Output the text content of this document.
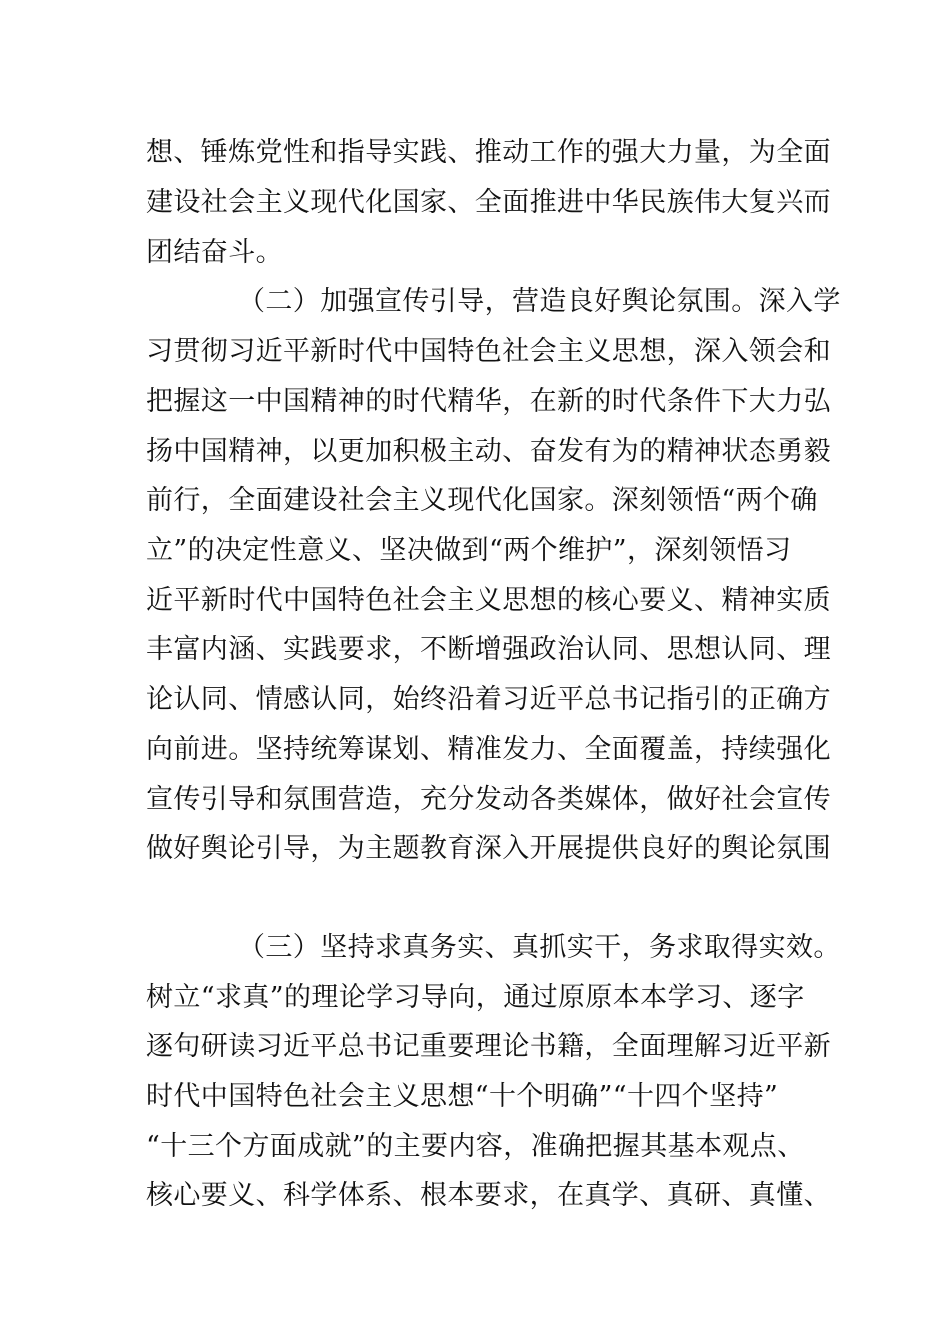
想、锤炼党性和指导实践、推动工作的强大力量，为全面
建设社会主义现代化国家、全面推进中华民族伟大复兴而
团结奋斗。
（二）加强宣传引导，营造良好舆论氛围。深入学
习贯彻习近平新时代中国特色社会主义思想，深入领会和
把握这一中国精神的时代精华，在新的时代条件下大力弘
扬中国精神，以更加积极主动、奋发有为的精神状态勇毅
前行，全面建设社会主义现代化国家。深刻领悟“两个确
立”的决定性意义、坚决做到“两个维护”，深刻领悟习
近平新时代中国特色社会主义思想的核心要义、精神实质
丰富内涵、实践要求，不断增强政治认同、思想认同、理
论认同、情感认同，始终沿着习近平总书记指引的正确方
向前进。坚持统筹谋划、精准发力、全面覆盖，持续强化
宣传引导和氛围营造，充分发动各类媒体，做好社会宣传
做好舆论引导，为主题教育深入开展提供良好的舆论氛围
（三）坚持求真务实、真抓实干，务求取得实效。
树立“求真”的理论学习导向，通过原原本本学习、逐字
逐句研读习近平总书记重要理论书籍，全面理解习近平新
时代中国特色社会主义思想“十个明确”“十四个坚持”
“十三个方面成就”的主要内容，准确把握其基本观点、
核心要义、科学体系、根本要求，在真学、真研、真懂、
